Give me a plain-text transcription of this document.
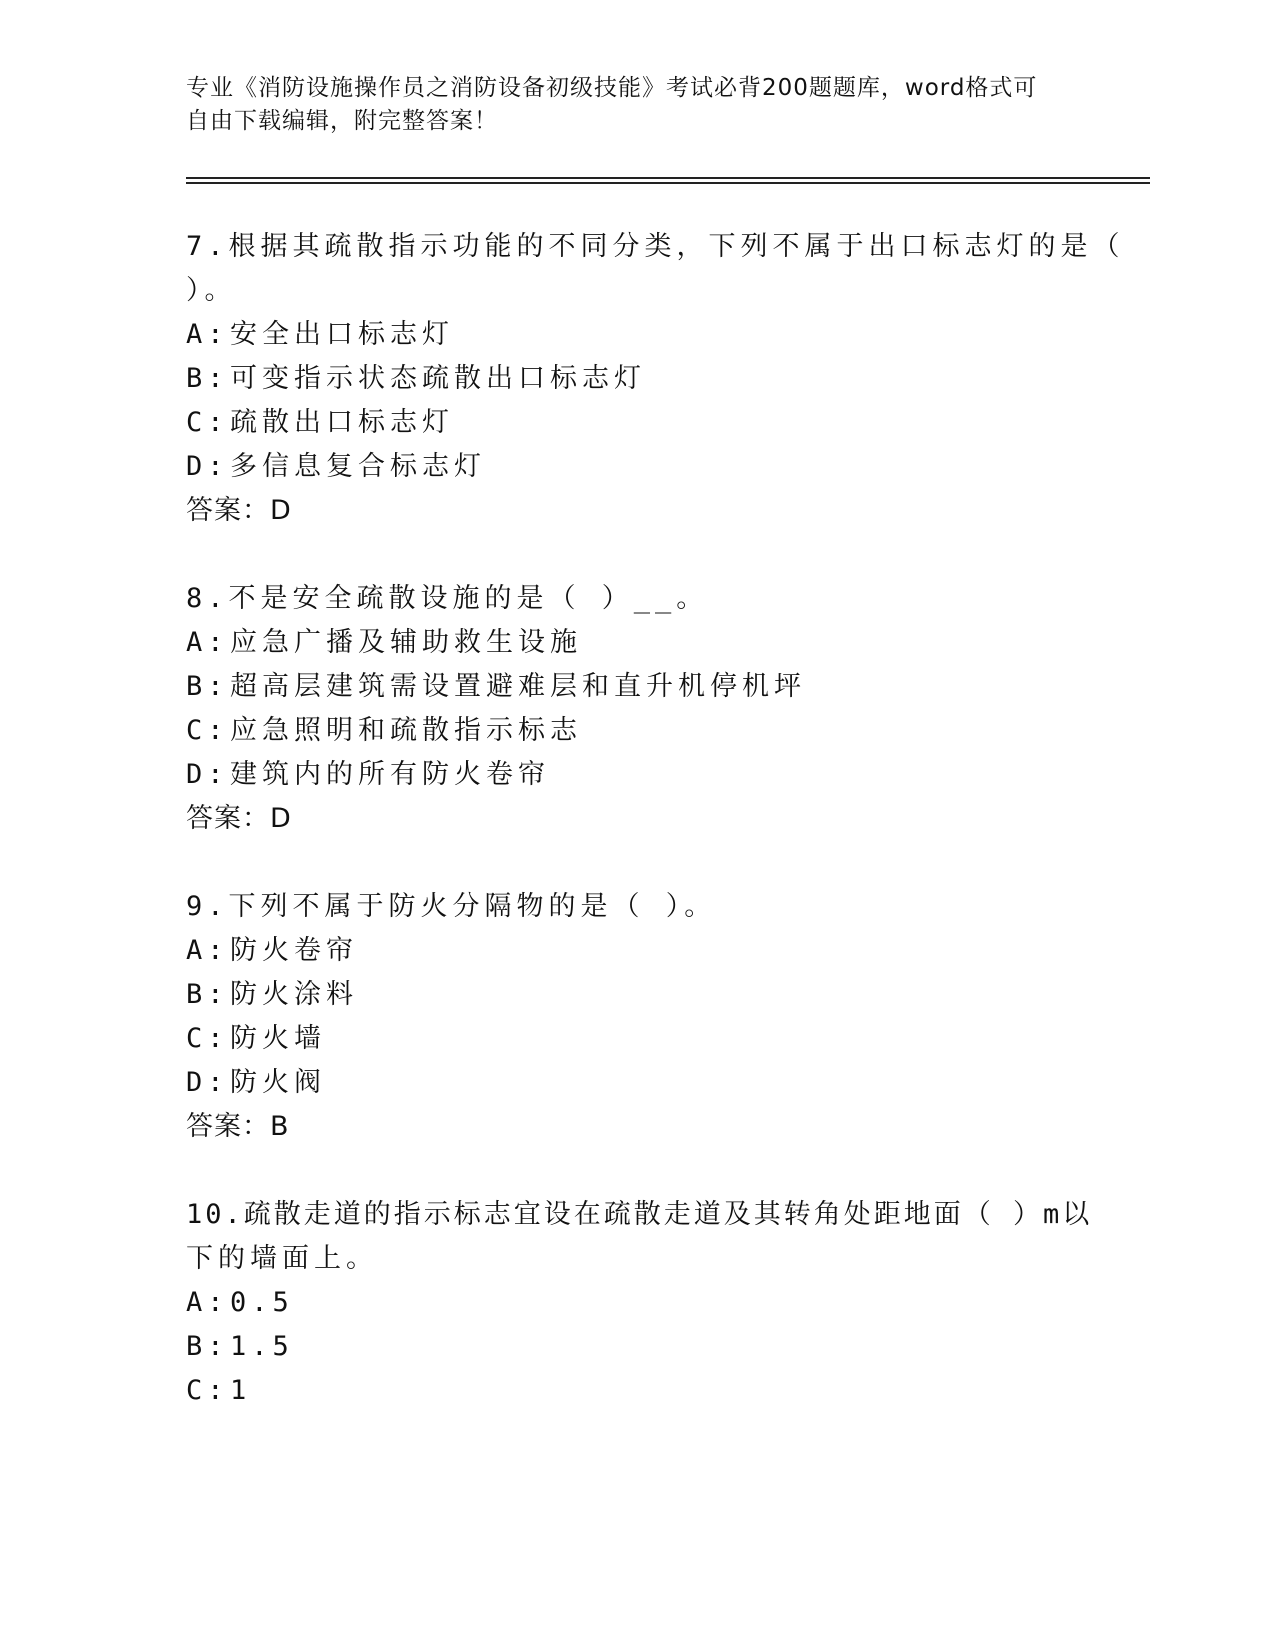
专业《消防设施操作员之消防设备初级技能》考试必背200题题库，word格式可
自由下载编辑，附完整答案！
7.根据其疏散指示功能的不同分类，下列不属于出口标志灯的是（
）。
A:安全出口标志灯
B:可变指示状态疏散出口标志灯
C:疏散出口标志灯
D:多信息复合标志灯
答案：D
8.不是安全疏散设施的是（ ）__。
A:应急广播及辅助救生设施
B:超高层建筑需设置避难层和直升机停机坪
C:应急照明和疏散指示标志
D:建筑内的所有防火卷帘
答案：D
9.下列不属于防火分隔物的是（ ）。
A:防火卷帘
B:防火涂料
C:防火墙
D:防火阀
答案：B
10.疏散走道的指示标志宜设在疏散走道及其转角处距地面（ ）m以
下的墙面上。
A:0.5
B:1.5
C:1
